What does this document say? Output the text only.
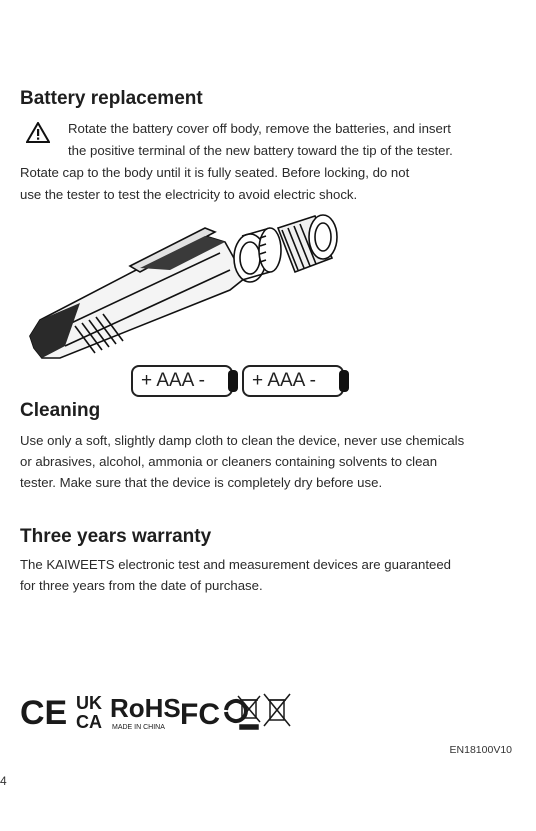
Battery replacement
Rotate the battery cover off body, remove the batteries, and insert
the positive terminal of the new battery toward the tip of the tester.
Rotate cap to the body until it is fully seated. Before locking, do not
use the tester to test the electricity to avoid electric shock.
+ AAA -	+ AAA -
Cleaning
Use only a soft, slightly damp cloth to clean the device, never use chemicals
or abrasives, alcohol, ammonia or cleaners containing solvents to clean
tester. Make sure that the device is completely dry before use.
Three years warranty
The KAIWEETS electronic test and measurement devices are guaranteed
for three years from the date of purchase.
CE UK
CA RoHS
MADE IN CHINA FC
EN18100V10
4
